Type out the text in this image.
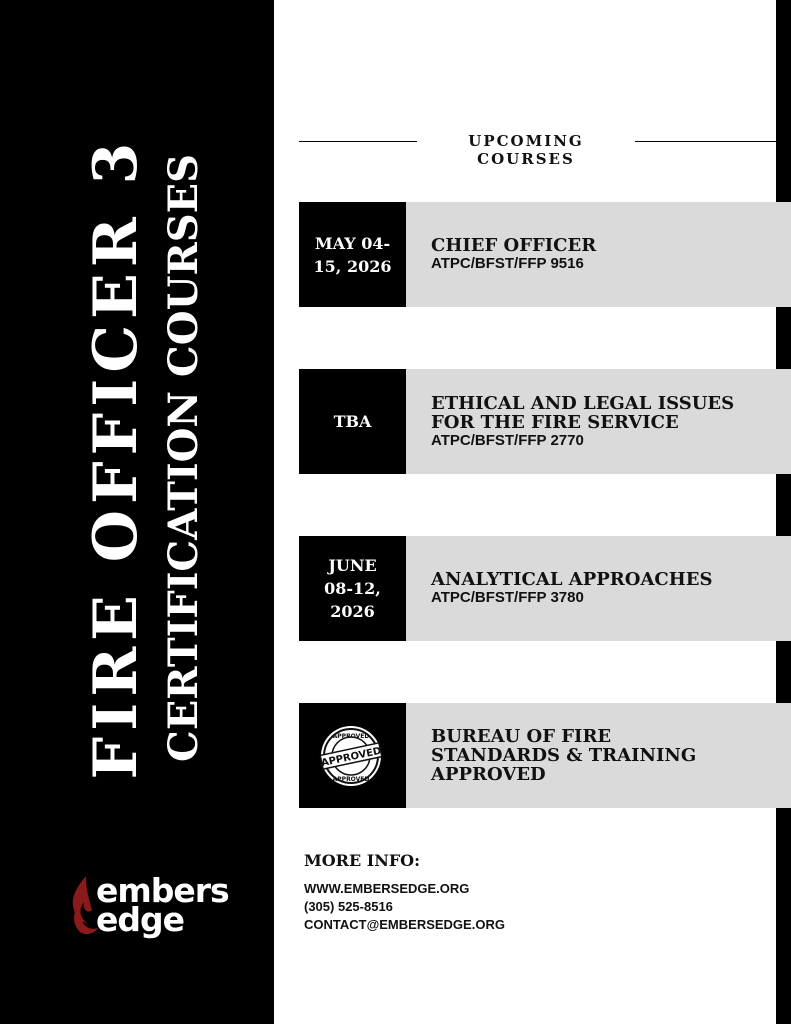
FIRE OFFICER 3 CERTIFICATION COURSES
embers
edge
UPCOMING COURSES
MAY 04-15, 2026
CHIEF OFFICER
ATPC/BFST/FFP 9516
TBA
ETHICAL AND LEGAL ISSUES FOR THE FIRE SERVICE
ATPC/BFST/FFP 2770
JUNE 08-12, 2026
ANALYTICAL APPROACHES
ATPC/BFST/FFP 3780
APPROVED
APPROVED
APPROVED
BUREAU OF FIRE STANDARDS & TRAINING APPROVED
MORE INFO:
WWW.EMBERSEDGE.ORG
(305) 525-8516
CONTACT@EMBERSEDGE.ORG
